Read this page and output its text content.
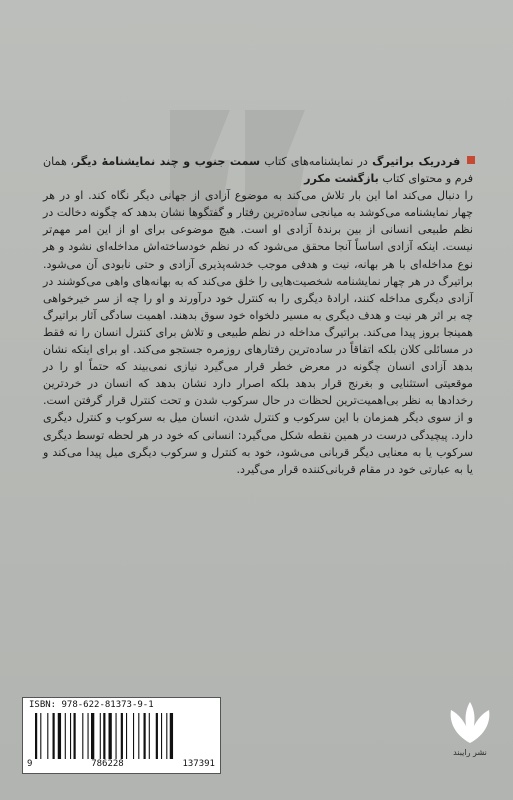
فردریک براتیرگ در نمایشنامه‌های کتاب سمت جنوب و چند نمایشنامهٔ دیگر، همان فرم و محتوای کتاب بازگشت مکرر
را دنبال می‌کند اما این بار تلاش می‌کند به موضوع آزادی از جهانی دیگر نگاه کند. او در هر چهار نمایشنامه می‌کوشد به میانجی ساده‌ترین رفتار و گفتگوها نشان بدهد که چگونه دخالت در نظم طبیعی انسانی از بین برندهٔ آزادی او است. هیچ موضوعی برای او از این امر مهم‌تر نیست. اینکه آزادی اساساً آنجا محقق می‌شود که در نظم خودساخته‌اش مداخله‌ای نشود و هر نوع مداخله‌ای با هر بهانه، نیت و هدفی موجب خدشه‌پذیری آزادی و حتی نابودی آن می‌شود. براتیرگ در هر چهار نمایشنامه شخصیت‌هایی را خلق می‌کند که به بهانه‌های واهی می‌کوشند در آزادی دیگری مداخله کنند، ارادهٔ دیگری را به کنترل خود درآورند و او را چه از سر خیرخواهی چه بر اثر هر نیت و هدف دیگری به مسیر دلخواه خود سوق بدهند. اهمیت سادگی آثار براتیرگ همینجا بروز پیدا می‌کند. براتیرگ مداخله در نظم طبیعی و تلاش برای کنترل انسان را نه فقط در مسائلی کلان بلکه اتفاقاً در ساده‌ترین رفتارهای روزمره جستجو می‌کند. او برای اینکه نشان بدهد آزادی انسان چگونه در معرض خطر قرار می‌گیرد نیازی نمی‌بیند که حتماً او را در موقعیتی استثنایی و بغرنج قرار بدهد بلکه اصرار دارد نشان بدهد که انسان در خردترین رخدادها به نظر بی‌اهمیت‌ترین لحظات در حال سرکوب شدن و تحت کنترل قرار گرفتن است. و از سوی دیگر همزمان با این سرکوب و کنترل شدن، انسان میل به سرکوب و کنترل دیگری دارد. پیچیدگی درست در همین نقطه شکل می‌گیرد: انسانی که خود در هر لحظه توسط دیگری سرکوب یا به معنایی دیگر قربانی می‌شود، خود به کنترل و سرکوب دیگری میل پیدا می‌کند و یا به عبارتی خود در مقام قربانی‌کننده قرار می‌گیرد.

ISBN: 978-622-81373-9-1
9	786228	137391
نشر رایبند
